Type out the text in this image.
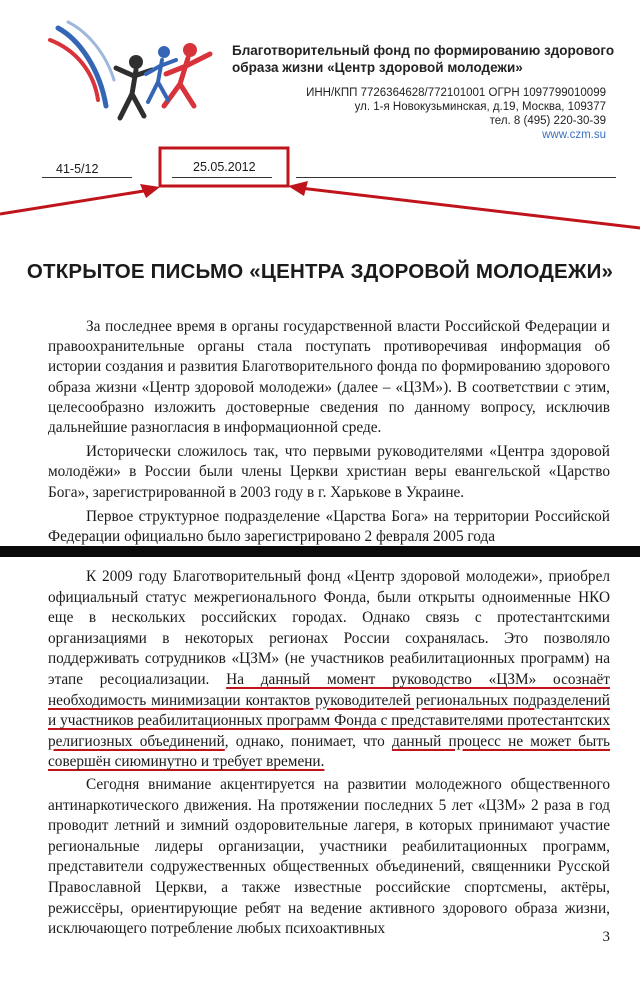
Благотворительный фонд по формированию здорового образа жизни «Центр здоровой молодежи»
ИНН/КПП 7726364628/772101001 ОГРН 1097799010099
ул. 1-я Новокузьминская, д.19, Москва, 109377
тел. 8 (495) 220-30-39
www.czm.su
41-5/12	25.05.2012
ОТКРЫТОЕ ПИСЬМО «ЦЕНТРА ЗДОРОВОЙ МОЛОДЕЖИ»

За последнее время в органы государственной власти Российской Федерации и правоохранительные органы стала поступать противоречивая информация об истории создания и развития Благотворительного фонда по формированию здорового образа жизни «Центр здоровой молодежи» (далее – «ЦЗМ»). В соответствии с этим, целесообразно изложить достоверные сведения по данному вопросу, исключив дальнейшие разногласия в информационной среде.

Исторически сложилось так, что первыми руководителями «Центра здоровой молодёжи» в России были члены Церкви христиан веры евангельской «Царство Бога», зарегистрированной в 2003 году в г. Харькове в Украине.

Первое структурное подразделение «Царства Бога» на территории Российской Федерации официально было зарегистрировано 2 февраля 2005 года

К 2009 году Благотворительный фонд «Центр здоровой молодежи», приобрел официальный статус межрегионального Фонда, были открыты одноименные НКО еще в нескольких российских городах. Однако связь с протестантскими организациями в некоторых регионах России сохранялась. Это позволяло поддерживать сотрудников «ЦЗМ» (не участников реабилитационных программ) на этапе ресоциализации. На данный момент руководство «ЦЗМ» осознаёт необходимость минимизации контактов руководителей региональных подразделений и участников реабилитационных программ Фонда с представителями протестантских религиозных объединений, однако, понимает, что данный процесс не может быть совершён сиюминутно и требует времени.

Сегодня внимание акцентируется на развитии молодежного общественного антинаркотического движения. На протяжении последних 5 лет «ЦЗМ» 2 раза в год проводит летний и зимний оздоровительные лагеря, в которых принимают участие региональные лидеры организации, участники реабилитационных программ, представители содружественных общественных объединений, священники Русской Православной Церкви, а также известные российские спортсмены, актёры, режиссёры, ориентирующие ребят на ведение активного здорового образа жизни, исключающего потребление любых психоактивных	3
